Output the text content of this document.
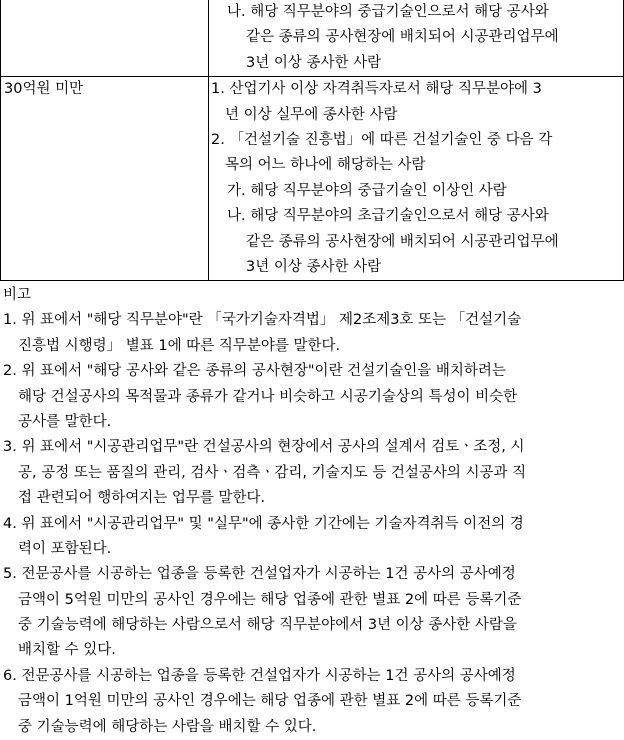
나. 해당 직무분야의 중급기술인으로서 해당 공사와
같은 종류의 공사현장에 배치되어 시공관리업무에
3년 이상 종사한 사람
30억원 미만	1. 산업기사 이상 자격취득자로서 해당 직무분야에 3
년 이상 실무에 종사한 사람
2. 「건설기술 진흥법」에 따른 건설기술인 중 다음 각
목의 어느 하나에 해당하는 사람
가. 해당 직무분야의 중급기술인 이상인 사람
나. 해당 직무분야의 초급기술인으로서 해당 공사와
같은 종류의 공사현장에 배치되어 시공관리업무에
3년 이상 종사한 사람
비고
1. 위 표에서 "해당 직무분야"란 「국가기술자격법」 제2조제3호 또는 「건설기술
진흥법 시행령」 별표 1에 따른 직무분야를 말한다.
2. 위 표에서 "해당 공사와 같은 종류의 공사현장"이란 건설기술인을 배치하려는
해당 건설공사의 목적물과 종류가 같거나 비슷하고 시공기술상의 특성이 비슷한
공사를 말한다.
3. 위 표에서 "시공관리업무"란 건설공사의 현장에서 공사의 설계서 검토ㆍ조정, 시
공, 공정 또는 품질의 관리, 검사ㆍ검측ㆍ감리, 기술지도 등 건설공사의 시공과 직
접 관련되어 행하여지는 업무를 말한다.
4. 위 표에서 "시공관리업무" 및 "실무"에 종사한 기간에는 기술자격취득 이전의 경
력이 포함된다.
5. 전문공사를 시공하는 업종을 등록한 건설업자가 시공하는 1건 공사의 공사예정
금액이 5억원 미만의 공사인 경우에는 해당 업종에 관한 별표 2에 따른 등록기준
중 기술능력에 해당하는 사람으로서 해당 직무분야에서 3년 이상 종사한 사람을
배치할 수 있다.
6. 전문공사를 시공하는 업종을 등록한 건설업자가 시공하는 1건 공사의 공사예정
금액이 1억원 미만의 공사인 경우에는 해당 업종에 관한 별표 2에 따른 등록기준
중 기술능력에 해당하는 사람을 배치할 수 있다.
